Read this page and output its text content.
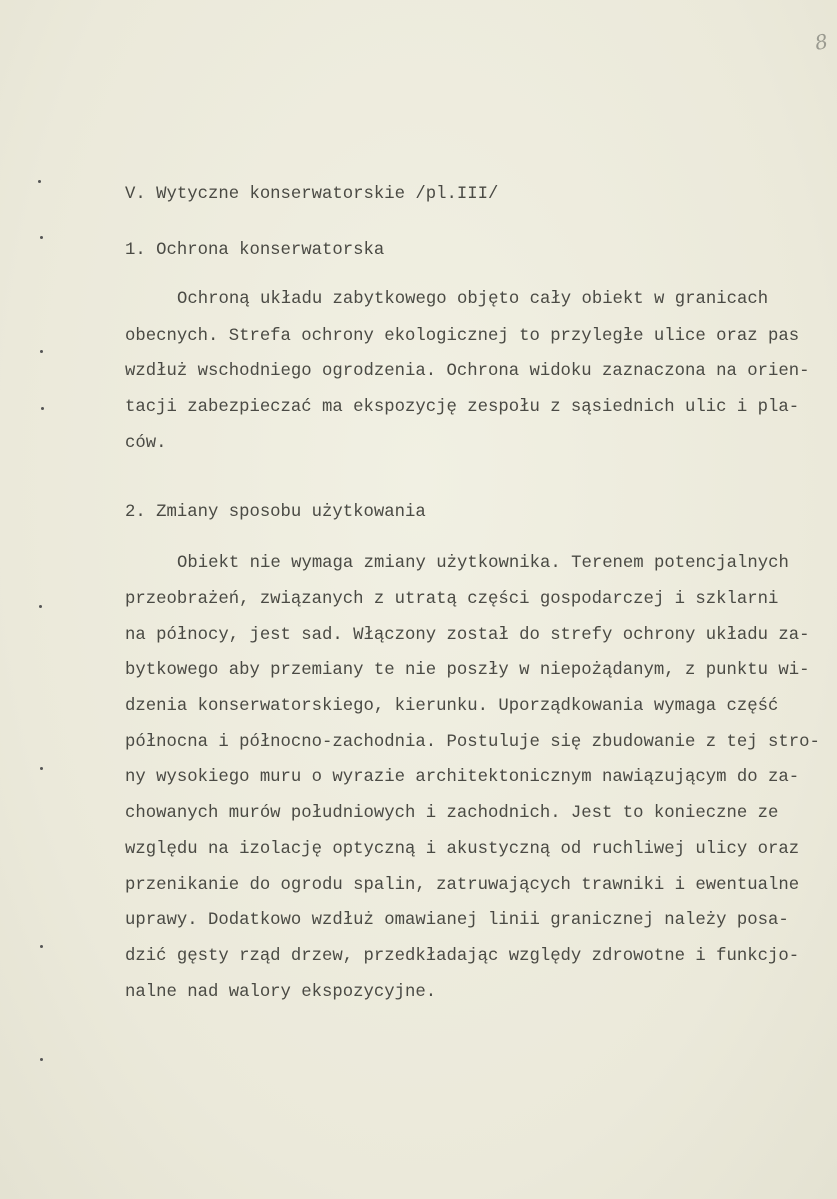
8
V. Wytyczne konserwatorskie /pl.III/
1. Ochrona konserwatorska
Ochroną układu zabytkowego objęto cały obiekt w granicach
obecnych. Strefa ochrony ekologicznej to przyległe ulice oraz pas
wzdłuż wschodniego ogrodzenia. Ochrona widoku zaznaczona na orien-
tacji zabezpieczać ma ekspozycję zespołu z sąsiednich ulic i pla-
ców.
2. Zmiany sposobu użytkowania
Obiekt nie wymaga zmiany użytkownika. Terenem potencjalnych
przeobrażeń, związanych z utratą części gospodarczej i szklarni
na północy, jest sad. Włączony został do strefy ochrony układu za-
bytkowego aby przemiany te nie poszły w niepożądanym, z punktu wi-
dzenia konserwatorskiego, kierunku. Uporządkowania wymaga część
północna i północno-zachodnia. Postuluje się zbudowanie z tej stro-
ny wysokiego muru o wyrazie architektonicznym nawiązującym do za-
chowanych murów południowych i zachodnich. Jest to konieczne ze
względu na izolację optyczną i akustyczną od ruchliwej ulicy oraz
przenikanie do ogrodu spalin, zatruwających trawniki i ewentualne
uprawy. Dodatkowo wzdłuż omawianej linii granicznej należy posa-
dzić gęsty rząd drzew, przedkładając względy zdrowotne i funkcjo-
nalne nad walory ekspozycyjne.
